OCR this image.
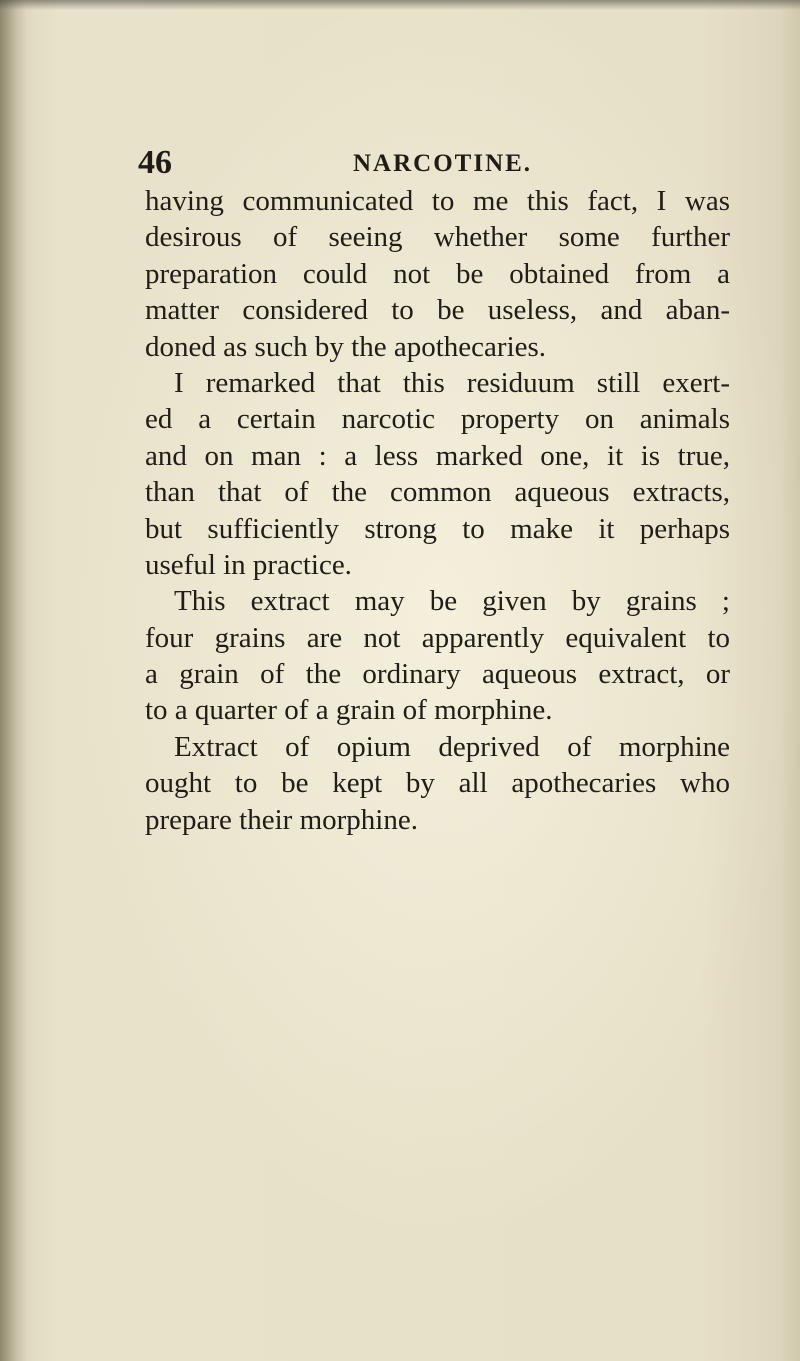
46	NARCOTINE.
having communicated to me this fact, I was
desirous of seeing whether some further
preparation could not be obtained from a
matter considered to be useless, and aban-
doned as such by the apothecaries.
I remarked that this residuum still exert-
ed a certain narcotic property on animals
and on man : a less marked one, it is true,
than that of the common aqueous extracts,
but sufficiently strong to make it perhaps
useful in practice.
This extract may be given by grains ;
four grains are not apparently equivalent to
a grain of the ordinary aqueous extract, or
to a quarter of a grain of morphine.
Extract of opium deprived of morphine
ought to be kept by all apothecaries who
prepare their morphine.
